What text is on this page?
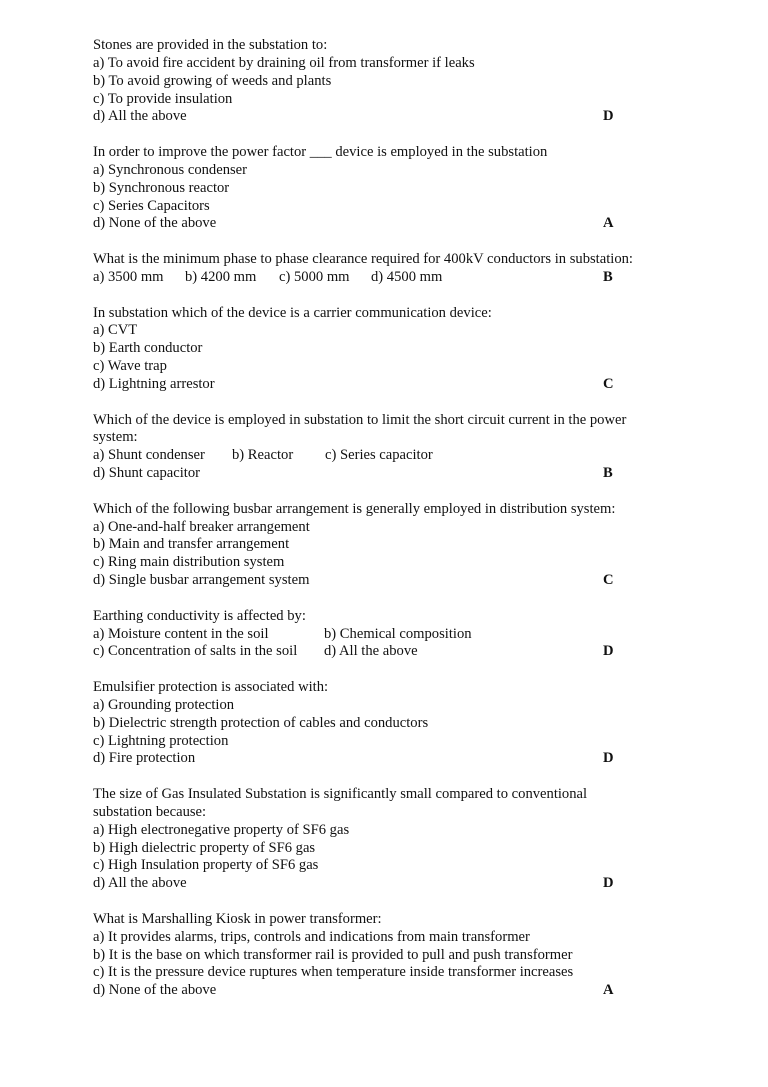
Stones are provided in the substation to:
a) To avoid fire accident by draining oil from transformer if leaks
b) To avoid growing of weeds and plants
c) To provide insulation
d) All the above	D
In order to improve the power factor ___ device is employed in the substation
a) Synchronous condenser
b) Synchronous reactor
c) Series Capacitors
d) None of the above	A
What is the minimum phase to phase clearance required for 400kV conductors in substation:
a) 3500 mm b) 4200 mm c) 5000 mm d) 4500 mm	B
In substation which of the device is a carrier communication device:
a) CVT
b) Earth conductor
c) Wave trap
d) Lightning arrestor	C
Which of the device is employed in substation to limit the short circuit current in the power
system:
a) Shunt condenser b) Reactor c) Series capacitor
d) Shunt capacitor	B
Which of the following busbar arrangement is generally employed in distribution system:
a) One-and-half breaker arrangement
b) Main and transfer arrangement
c) Ring main distribution system
d) Single busbar arrangement system	C
Earthing conductivity is affected by:
a) Moisture content in the soil	b) Chemical composition
c) Concentration of salts in the soil d) All the above	D
Emulsifier protection is associated with:
a) Grounding protection
b) Dielectric strength protection of cables and conductors
c) Lightning protection
d) Fire protection	D
The size of Gas Insulated Substation is significantly small compared to conventional
substation because:
a) High electronegative property of SF6 gas
b) High dielectric property of SF6 gas
c) High Insulation property of SF6 gas
d) All the above	D
What is Marshalling Kiosk in power transformer:
a) It provides alarms, trips, controls and indications from main transformer
b) It is the base on which transformer rail is provided to pull and push transformer
c) It is the pressure device ruptures when temperature inside transformer increases
d) None of the above	A
